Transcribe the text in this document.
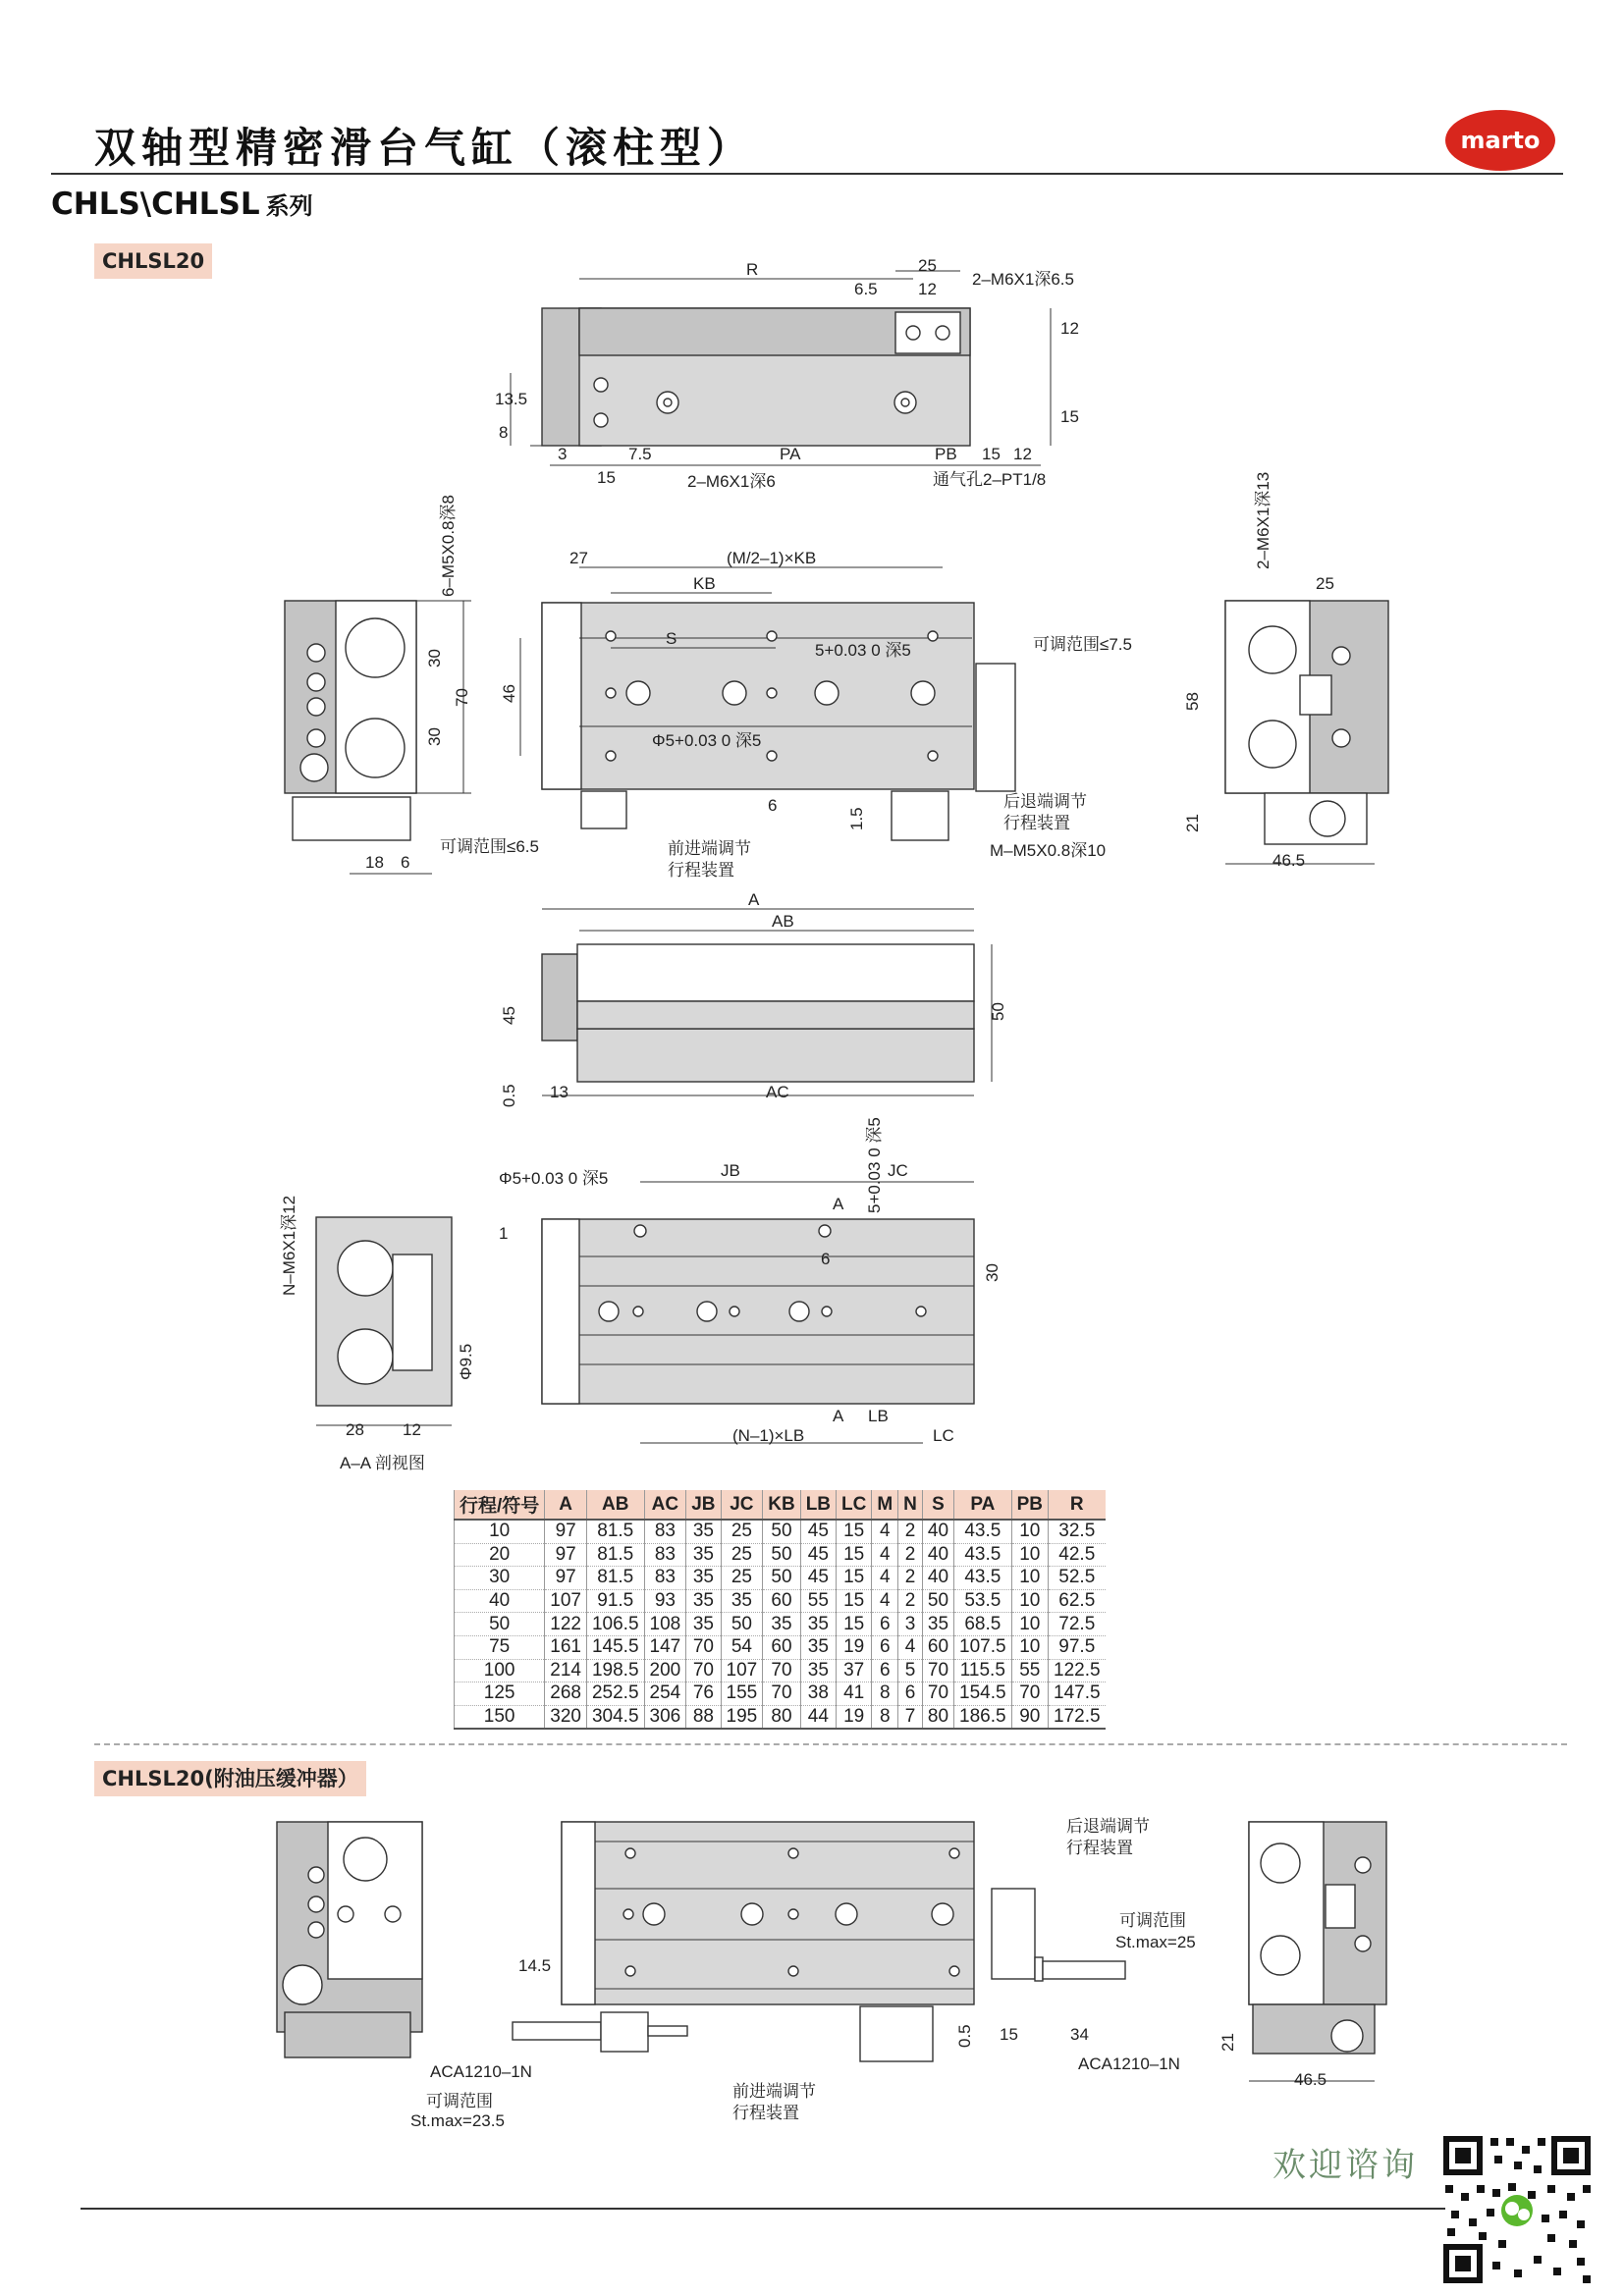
双轴型精密滑台气缸（滚柱型）	marto
CHLS\CHLSL 系列
CHLSL20	R	25
6.5 12
2–M6X1深6.5
12
15
13.5
8
3	7.5	PA	PB 15 12
15	2–M6X1深6	通气孔2–PT1/8
6–M5X0.8深8
30
70
30
18 6
可调范围≤6.5	前进端调节
行程装置
27	(M/2–1)×KB
KB
S
5+0.03 0 深5
46
Φ5+0.03 0 深5
6
1.5
可调范围≤7.5
后退端调节
行程装置
M–M5X0.8深10
2–M6X1深13
25
58
21
46.5
A
AB
45	50
0.5 13	AC
N–M6X1深12
Φ9.5
28 12
A–A 剖视图
Φ5+0.03 0 深5	JB	JC
5+0.03 0 深5
A
1
6
30
A LB
(N–1)×LB	LC
行程/符号	A	AB	AC	JB	JC	KB	LB	LC	M	N	S	PA	PB	R
10	97	81.5	83	35	25	50	45	15	4	2	40	43.5	10	32.5
20	97	81.5	83	35	25	50	45	15	4	2	40	43.5	10	42.5
30	97	81.5	83	35	25	50	45	15	4	2	40	43.5	10	52.5
40	107	91.5	93	35	35	60	55	15	4	2	50	53.5	10	62.5
50	122	106.5	108	35	50	35	35	15	6	3	35	68.5	10	72.5
75	161	145.5	147	70	54	60	35	19	6	4	60	107.5	10	97.5
100	214	198.5	200	70	107	70	35	37	6	5	70	115.5	55	122.5
125	268	252.5	254	76	155	70	38	41	8	6	70	154.5	70	147.5
150	320	304.5	306	88	195	80	44	19	8	7	80	186.5	90	172.5
CHLSL20(附油压缓冲器）
后退端调节
行程装置
可调范围
St.max=25
14.5
0.5 15	34
ACA1210–1N
ACA1210–1N
可调范围
St.max=23.5
前进端调节
行程装置
21
46.5
欢迎谘询
